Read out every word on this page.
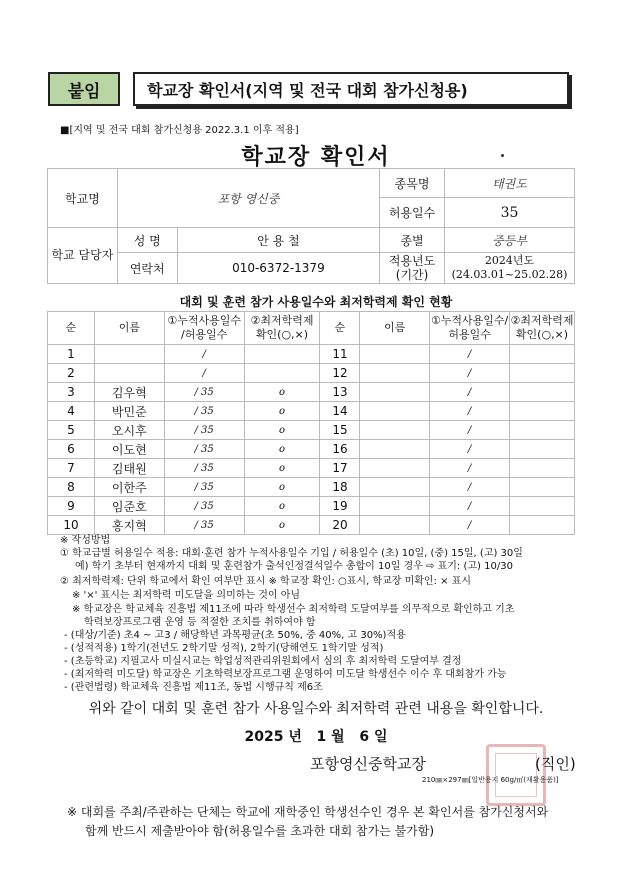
붙임	학교장 확인서(지역 및 전국 대회 참가신청용)
■[지역 및 전국 대회 참가신청용 2022.3.1 이후 적용]
학교장 확인서
학교명	포항 영신중		종목명	태권도
			허용일수	35
학교 담당자	성 명	안 용 철	종별	중등부
	연락처	010-6372-1379	적용년도 (기간)	2024년도
(24.03.01~25.02.28)
대회 및 훈련 참가 사용일수와 최저학력제 확인 현황
순	이름	①누적사용일수 /허용일수	②최저학력제 확인(○,×)	순	이름	①누적사용일수/ 허용일수	②최저학력제 확인(○,×)
1		/		11		/	
2		/		12		/	
3	김우혁	/ 35	o	13		/	
4	박민준	/ 35	o	14		/	
5	오시후	/ 35	o	15		/	
6	이도현	/ 35	o	16		/	
7	김태원	/ 35	o	17		/	
8	이한주	/ 35	o	18		/	
9	임준호	/ 35	o	19		/	
10	홍지혁	/ 35	o	20		/	
※ 작성방법
① 학교급별 허용일수 적용: 대회·훈련 참가 누적사용일수 기입 / 허용일수 (초) 10일, (중) 15일, (고) 30일
예) 학기 초부터 현재까지 대회 및 훈련참가 출석인정결석일수 총합이 10일 경우 ⇨ 표기: (고) 10/30
② 최저학력제: 단위 학교에서 확인 여부만 표시 ※ 학교장 확인: ○표시, 학교장 미확인: × 표시
※ '×' 표시는 최저학력 미도달을 의미하는 것이 아님
※ 학교장은 학교체육 진흥법 제11조에 따라 학생선수 최저학력 도달여부를 의무적으로 확인하고 기초
학력보장프로그램 운영 등 적절한 조치를 취하여야 함
- (대상/기준) 초4 ~ 고3 / 해당학년 과목평균(초 50%, 중 40%, 고 30%)적용
- (성적적용) 1학기(전년도 2학기말 성적), 2학기(당해연도 1학기말 성적)
- (초등학교) 지필고사 미실시교는 학업성적관리위원회에서 심의 후 최저학력 도달여부 결정
- (최저학력 미도달) 학교장은 기초학력보장프로그램 운영하여 미도달 학생선수 이수 후 대회참가 가능
- (관련법령) 학교체육 진흥법 제11조, 동법 시행규칙 제6조
위와 같이 대회 및 훈련 참가 사용일수와 최저학력 관련 내용을 확인합니다.
2025 년 1 월 6 일
포항영신중학교장	(직인)
210㎜×297㎜[일반용지 60g/㎡(재활용품)]
※ 대회를 주최/주관하는 단체는 학교에 재학중인 학생선수인 경우 본 확인서를 참가신청서와
함께 반드시 제출받아야 함(허용일수를 초과한 대회 참가는 불가함)
